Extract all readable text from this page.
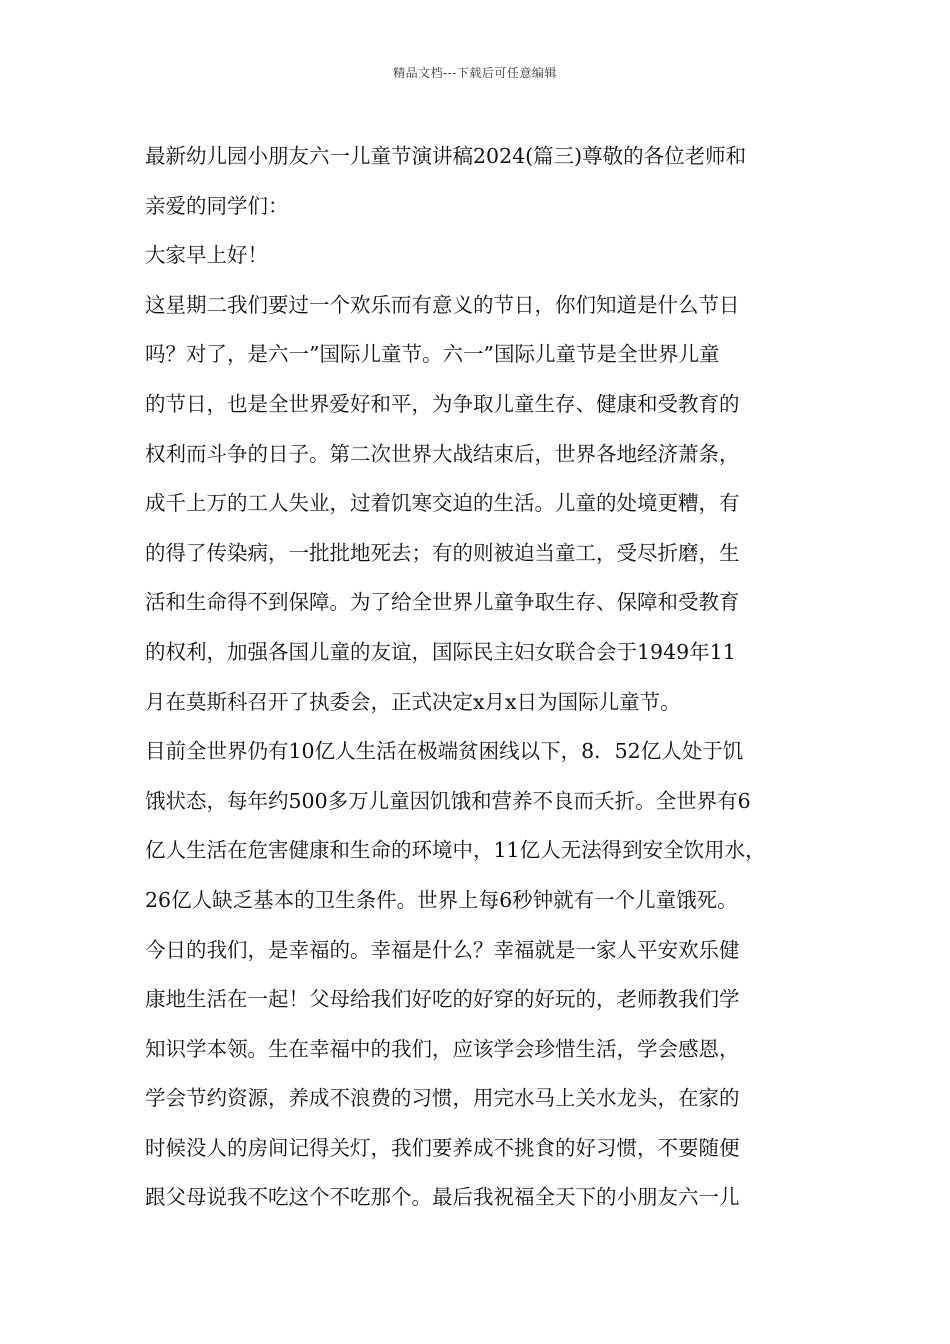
精品文档---下载后可任意编辑
最新幼儿园小朋友六一儿童节演讲稿2024(篇三)尊敬的各位老师和
亲爱的同学们：
大家早上好！
这星期二我们要过一个欢乐而有意义的节日，你们知道是什么节日
吗？对了，是六一”国际儿童节。六一”国际儿童节是全世界儿童
的节日，也是全世界爱好和平，为争取儿童生存、健康和受教育的
权利而斗争的日子。第二次世界大战结束后，世界各地经济萧条，
成千上万的工人失业，过着饥寒交迫的生活。儿童的处境更糟，有
的得了传染病，一批批地死去；有的则被迫当童工，受尽折磨，生
活和生命得不到保障。为了给全世界儿童争取生存、保障和受教育
的权利，加强各国儿童的友谊，国际民主妇女联合会于1949年11
月在莫斯科召开了执委会，正式决定x月x日为国际儿童节。
目前全世界仍有10亿人生活在极端贫困线以下，8．52亿人处于饥
饿状态，每年约500多万儿童因饥饿和营养不良而夭折。全世界有6
亿人生活在危害健康和生命的环境中，11亿人无法得到安全饮用水，
26亿人缺乏基本的卫生条件。世界上每6秒钟就有一个儿童饿死。
今日的我们，是幸福的。幸福是什么？幸福就是一家人平安欢乐健
康地生活在一起！父母给我们好吃的好穿的好玩的，老师教我们学
知识学本领。生在幸福中的我们，应该学会珍惜生活，学会感恩，
学会节约资源，养成不浪费的习惯，用完水马上关水龙头，在家的
时候没人的房间记得关灯，我们要养成不挑食的好习惯，不要随便
跟父母说我不吃这个不吃那个。最后我祝福全天下的小朋友六一儿
